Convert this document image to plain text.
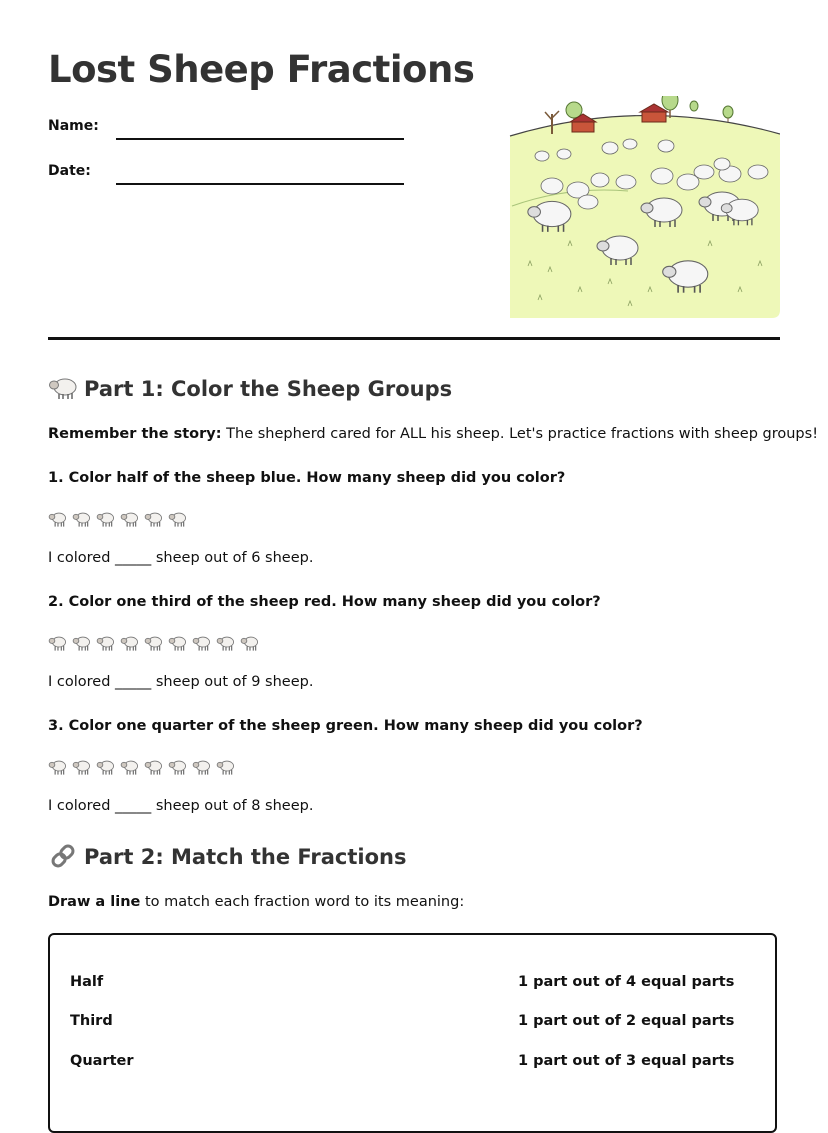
Lost Sheep Fractions
Name:
Date:
Part 1: Color the Sheep Groups
Remember the story: The shepherd cared for ALL his sheep. Let's practice fractions with sheep groups!
1. Color half of the sheep blue. How many sheep did you color?
I colored _____ sheep out of 6 sheep.
2. Color one third of the sheep red. How many sheep did you color?
I colored _____ sheep out of 9 sheep.
3. Color one quarter of the sheep green. How many sheep did you color?
I colored _____ sheep out of 8 sheep.
Part 2: Match the Fractions
Draw a line to match each fraction word to its meaning:
Half
Third
Quarter
1 part out of 4 equal parts
1 part out of 2 equal parts
1 part out of 3 equal parts
